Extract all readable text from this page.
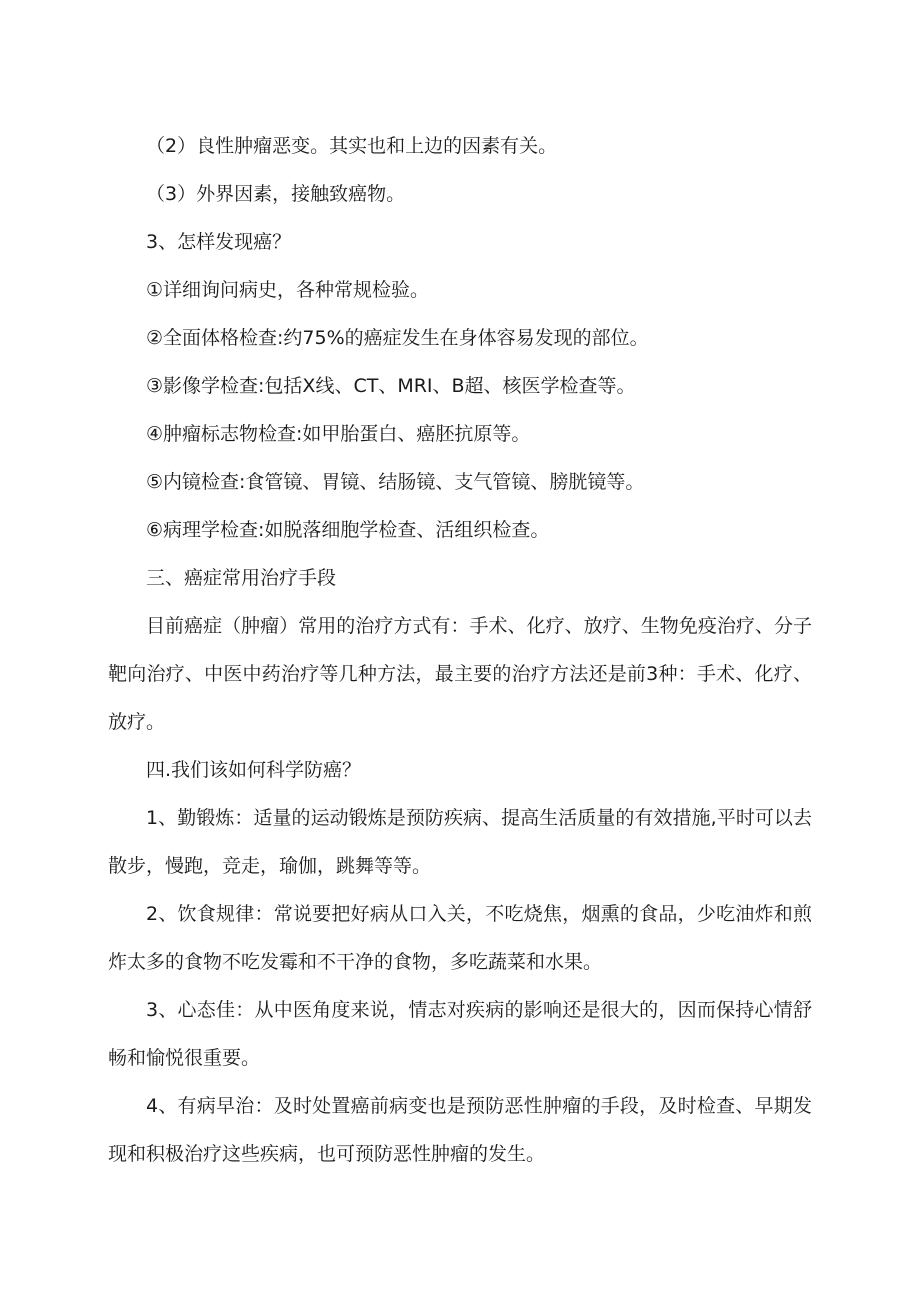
（2）良性肿瘤恶变。其实也和上边的因素有关。

（3）外界因素，接触致癌物。

3、怎样发现癌？

①详细询问病史，各种常规检验。

②全面体格检查:约75%的癌症发生在身体容易发现的部位。

③影像学检查:包括X线、CT、MRI、B超、核医学检查等。

④肿瘤标志物检查:如甲胎蛋白、癌胚抗原等。

⑤内镜检查:食管镜、胃镜、结肠镜、支气管镜、膀胱镜等。

⑥病理学检查:如脱落细胞学检查、活组织检查。

三、癌症常用治疗手段

目前癌症（肿瘤）常用的治疗方式有：手术、化疗、放疗、生物免疫治疗、分子靶向治疗、中医中药治疗等几种方法，最主要的治疗方法还是前3种：手术、化疗、放疗。

四.我们该如何科学防癌？

1、勤锻炼：适量的运动锻炼是预防疾病、提高生活质量的有效措施,平时可以去散步，慢跑，竞走，瑜伽，跳舞等等。

2、饮食规律：常说要把好病从口入关，不吃烧焦，烟熏的食品，少吃油炸和煎炸太多的食物不吃发霉和不干净的食物，多吃蔬菜和水果。

3、心态佳：从中医角度来说，情志对疾病的影响还是很大的，因而保持心情舒畅和愉悦很重要。

4、有病早治：及时处置癌前病变也是预防恶性肿瘤的手段，及时检查、早期发现和积极治疗这些疾病，也可预防恶性肿瘤的发生。
